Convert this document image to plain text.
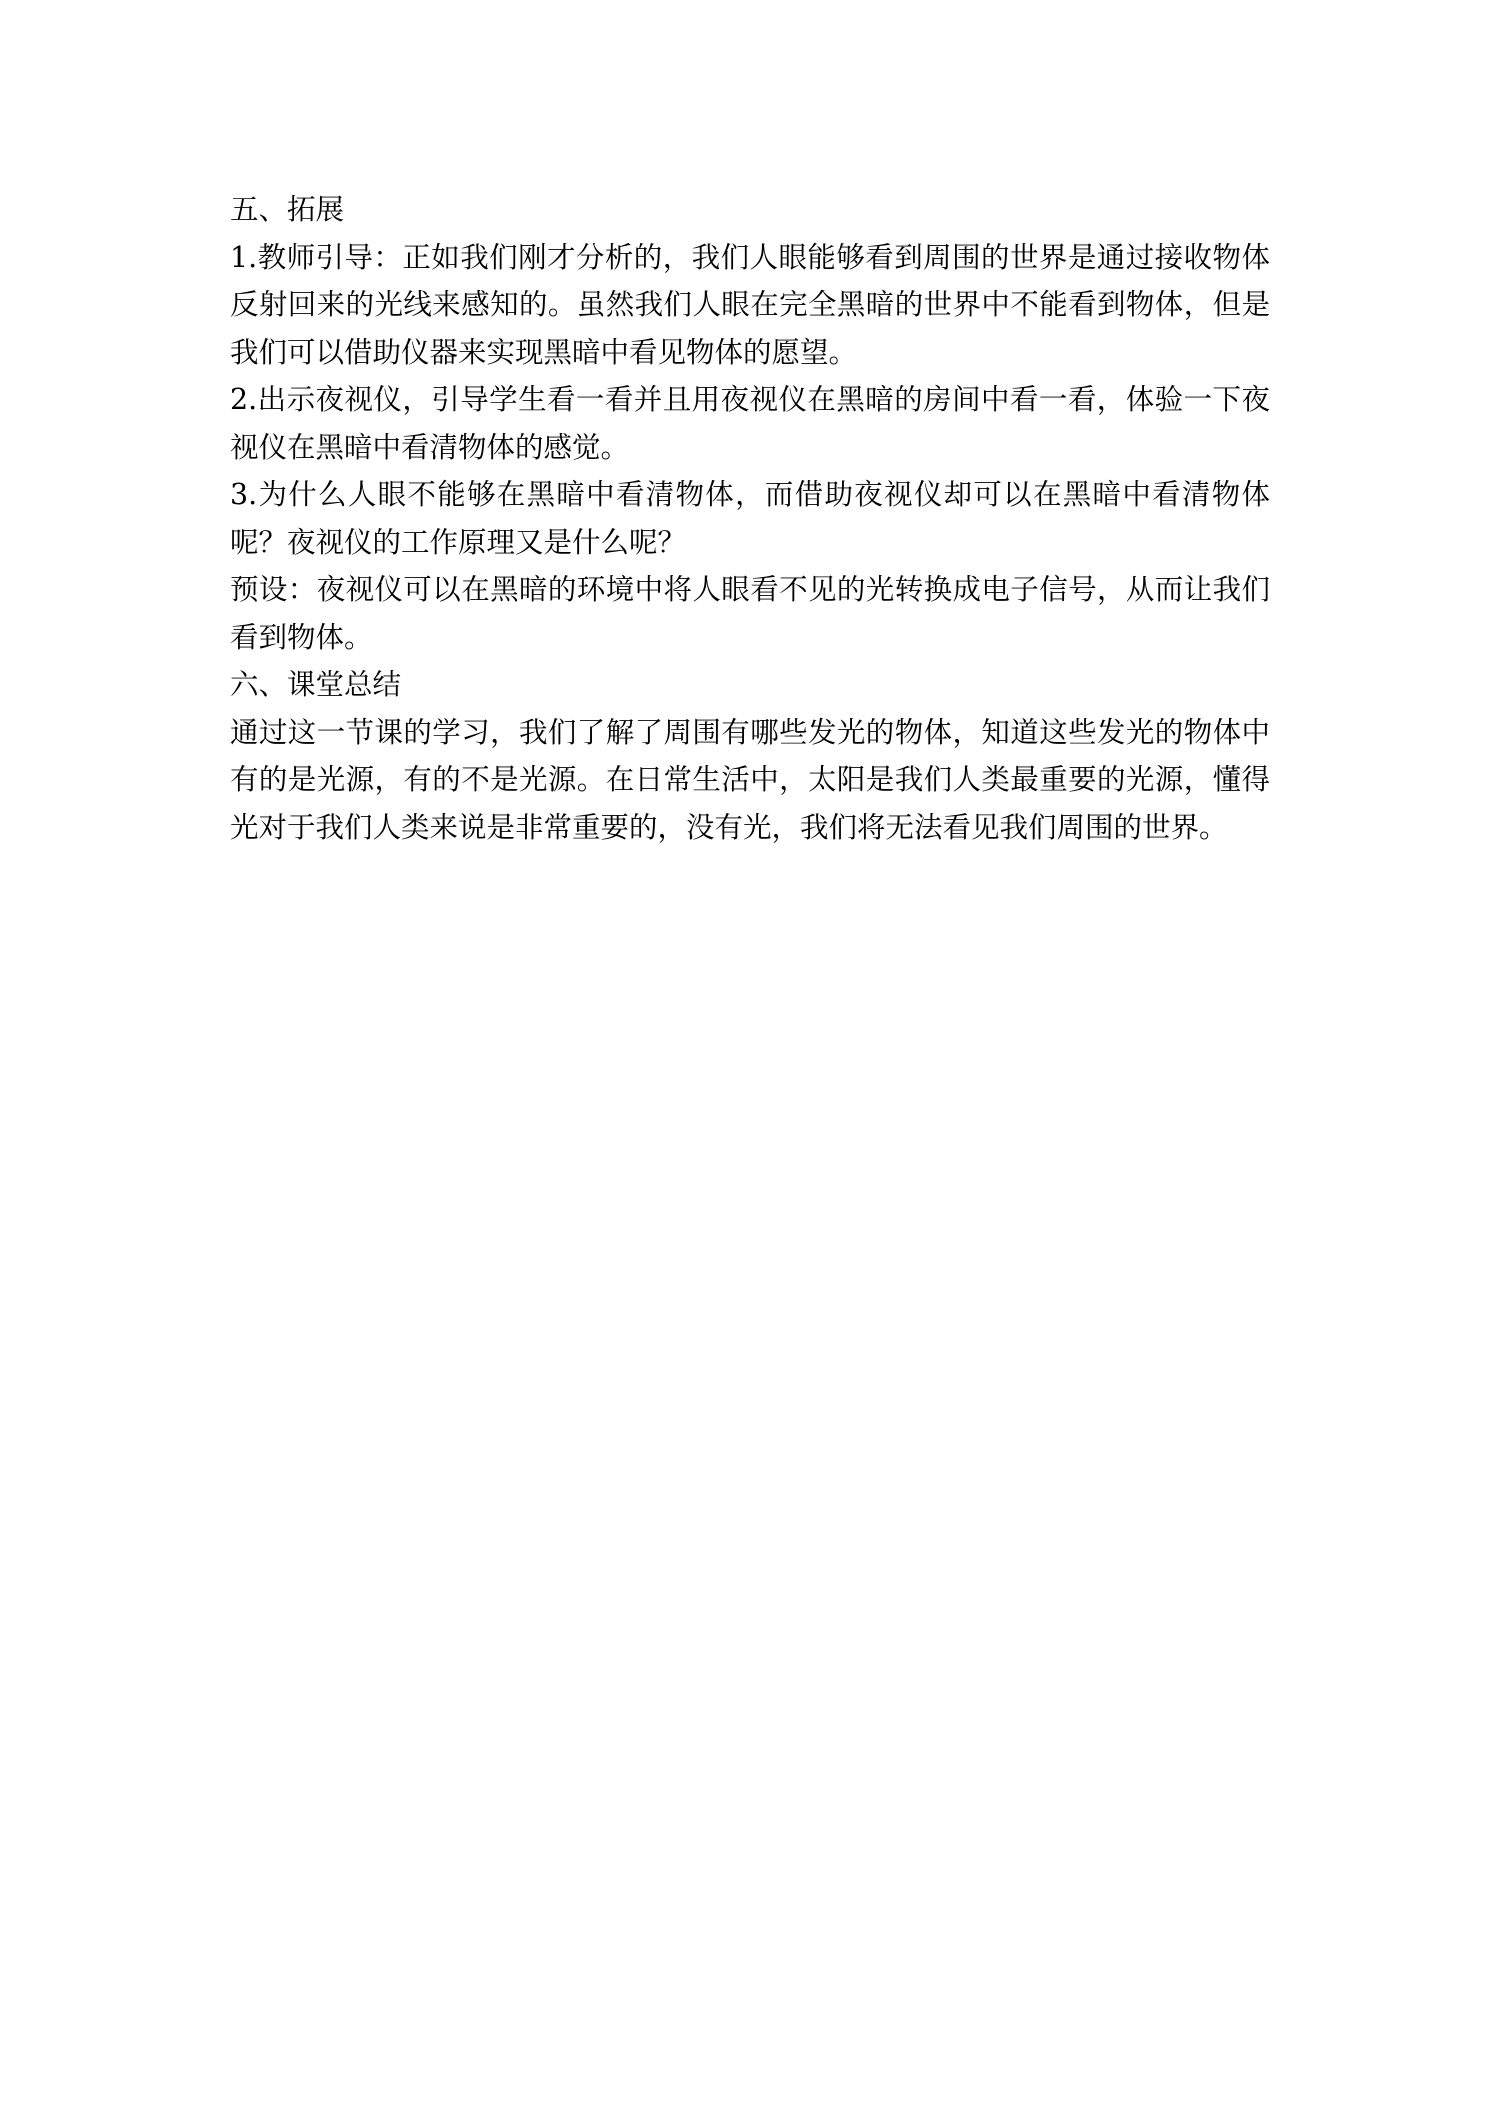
五、拓展

1.教师引导：正如我们刚才分析的，我们人眼能够看到周围的世界是通过接收物体反射回来的光线来感知的。虽然我们人眼在完全黑暗的世界中不能看到物体，但是我们可以借助仪器来实现黑暗中看见物体的愿望。

2.出示夜视仪，引导学生看一看并且用夜视仪在黑暗的房间中看一看，体验一下夜视仪在黑暗中看清物体的感觉。

3.为什么人眼不能够在黑暗中看清物体，而借助夜视仪却可以在黑暗中看清物体呢？夜视仪的工作原理又是什么呢？

预设：夜视仪可以在黑暗的环境中将人眼看不见的光转换成电子信号，从而让我们看到物体。

六、课堂总结

通过这一节课的学习，我们了解了周围有哪些发光的物体，知道这些发光的物体中有的是光源，有的不是光源。在日常生活中，太阳是我们人类最重要的光源，懂得光对于我们人类来说是非常重要的，没有光，我们将无法看见我们周围的世界。
